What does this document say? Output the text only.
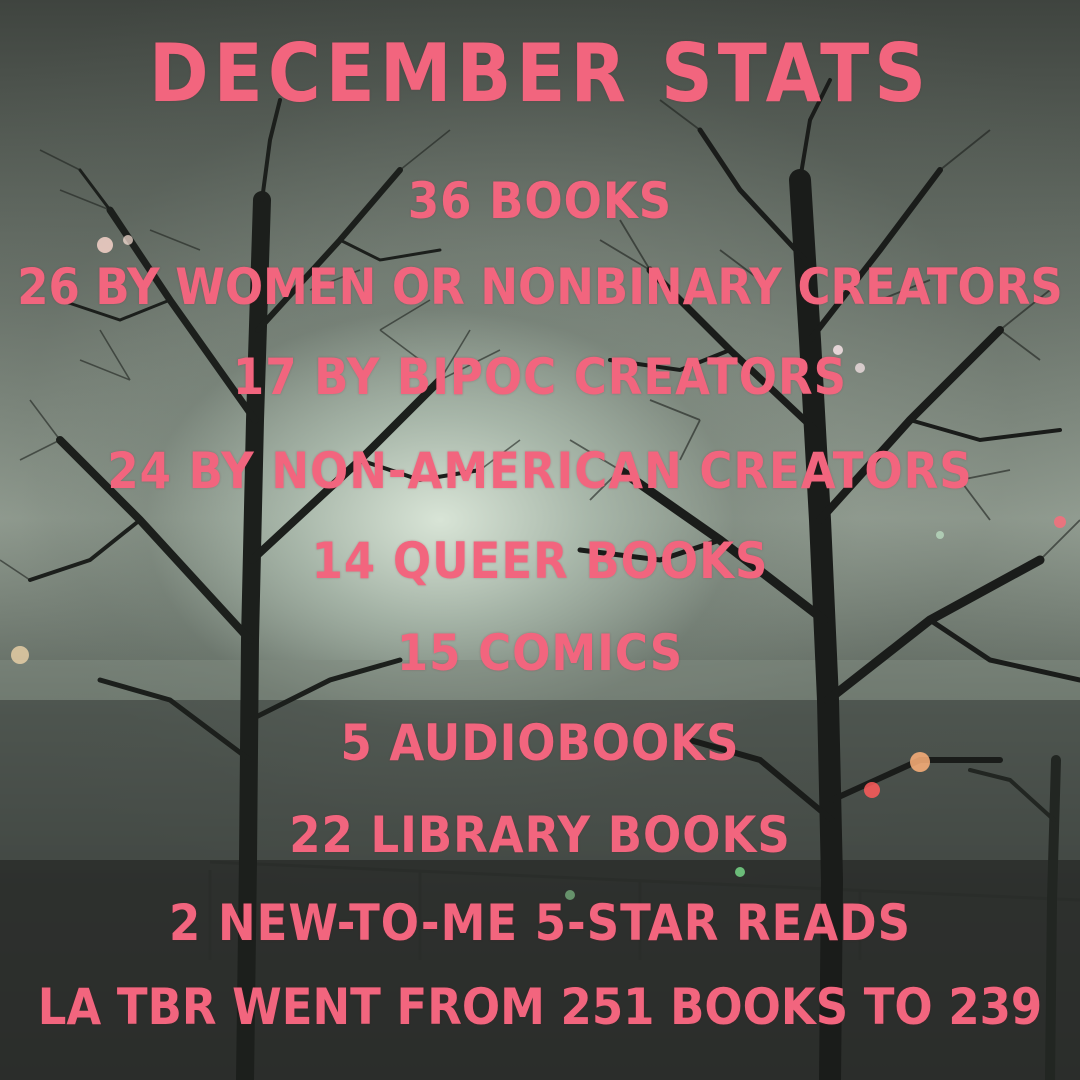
DECEMBER STATS
36 BOOKS
26 BY WOMEN OR NONBINARY CREATORS
17 BY BIPOC CREATORS
24 BY NON-AMERICAN CREATORS
14 QUEER BOOKS
15 COMICS
5 AUDIOBOOKS
22 LIBRARY BOOKS
2 NEW-TO-ME 5-STAR READS
LA TBR WENT FROM 251 BOOKS TO 239
